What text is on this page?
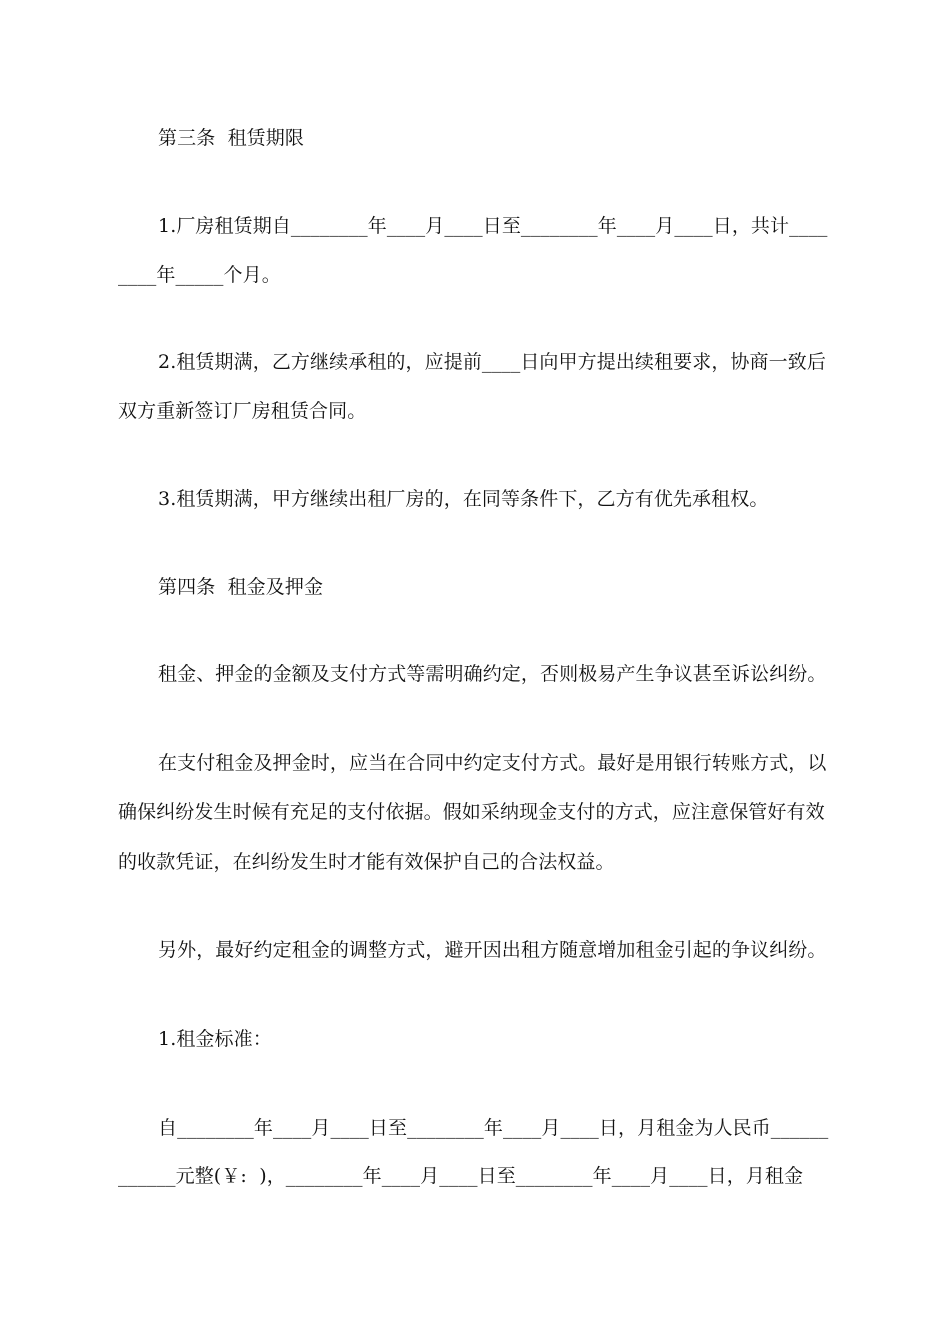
第三条  租赁期限
1.厂房租赁期自________年____月____日至________年____月____日，共计____
____年_____个月。
2.租赁期满，乙方继续承租的，应提前____日向甲方提出续租要求，协商一致后
双方重新签订厂房租赁合同。
3.租赁期满，甲方继续出租厂房的，在同等条件下，乙方有优先承租权。
第四条  租金及押金
租金、押金的金额及支付方式等需明确约定，否则极易产生争议甚至诉讼纠纷。
在支付租金及押金时，应当在合同中约定支付方式。最好是用银行转账方式，以
确保纠纷发生时候有充足的支付依据。假如采纳现金支付的方式，应注意保管好有效
的收款凭证，在纠纷发生时才能有效保护自己的合法权益。
另外，最好约定租金的调整方式，避开因出租方随意增加租金引起的争议纠纷。
1.租金标准：
自________年____月____日至________年____月____日，月租金为人民币______
______元整(￥:  )，________年____月____日至________年____月____日，月租金
